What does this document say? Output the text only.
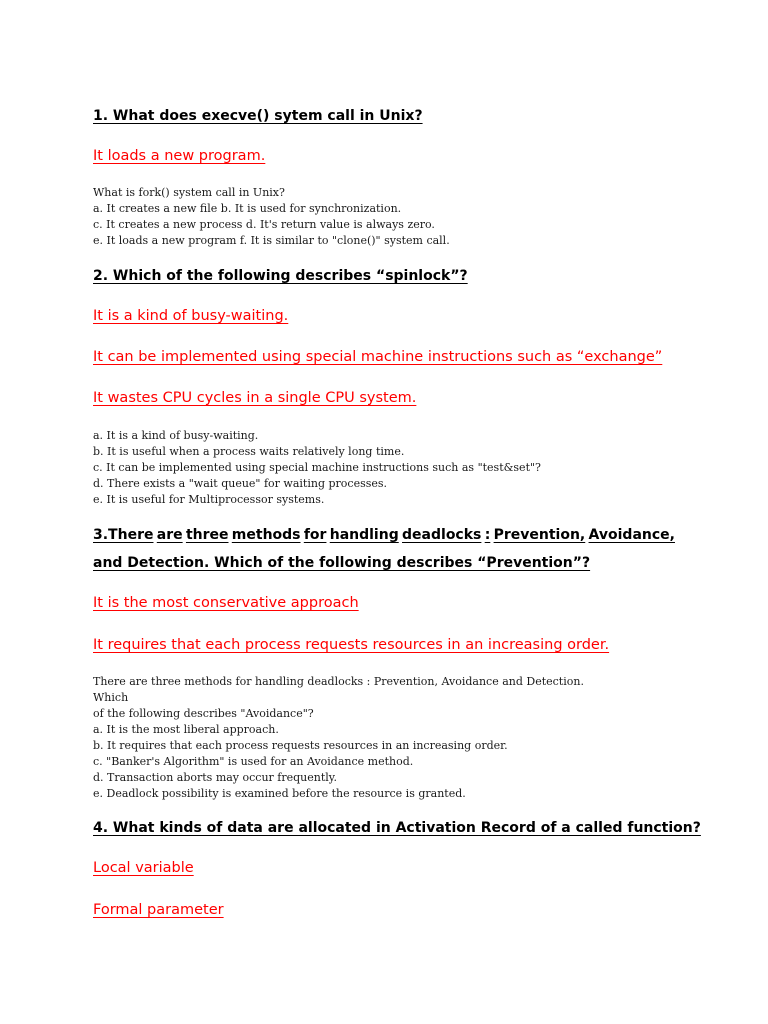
1. What does execve() sytem call in Unix?

It loads a new program.

What is fork() system call in Unix?
a. It creates a new file b. It is used for synchronization.
c. It creates a new process d. It's return value is always zero.
e. It loads a new program f. It is similar to "clone()" system call.

2. Which of the following describes “spinlock”?

It is a kind of busy-waiting.

It can be implemented using special machine instructions such as “exchange”

It wastes CPU cycles in a single CPU system.

a. It is a kind of busy-waiting.
b. It is useful when a process waits relatively long time.
c. It can be implemented using special machine instructions such as "test&set"?
d. There exists a "wait queue" for waiting processes.
e. It is useful for Multiprocessor systems.
3.There are three methods for handling deadlocks : Prevention, Avoidance,
and Detection. Which of the following describes “Prevention”?

It is the most conservative approach

It requires that each process requests resources in an increasing order.

There are three methods for handling deadlocks : Prevention, Avoidance and Detection.
Which
of the following describes "Avoidance"?
a. It is the most liberal approach.
b. It requires that each process requests resources in an increasing order.
c. "Banker's Algorithm" is used for an Avoidance method.
d. Transaction aborts may occur frequently.
e. Deadlock possibility is examined before the resource is granted.

4. What kinds of data are allocated in Activation Record of a called function?

Local variable

Formal parameter
